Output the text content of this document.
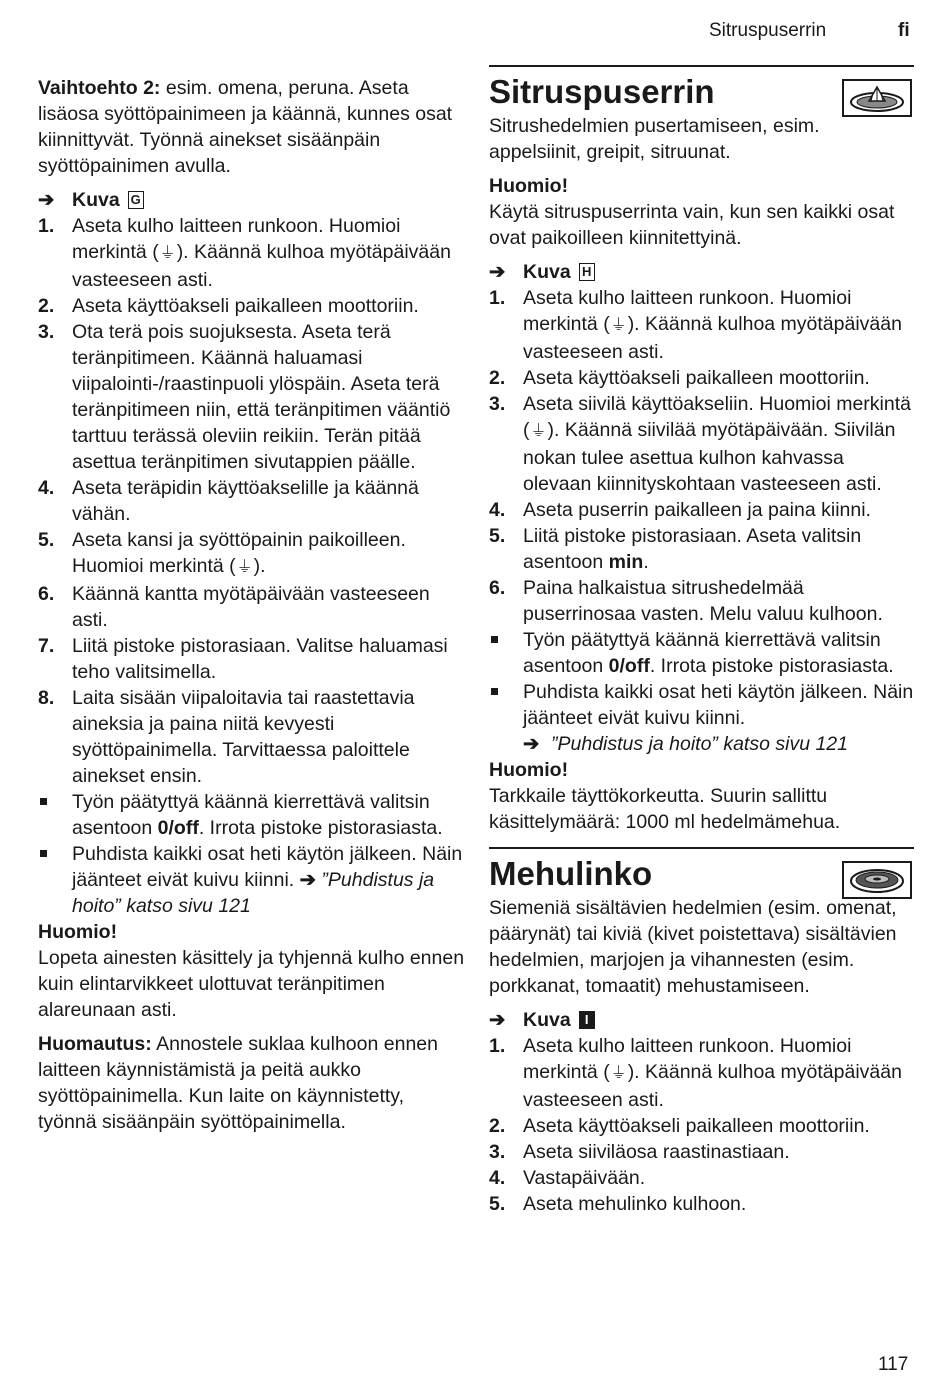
Sitruspuserrin	fi

Vaihtoehto 2: esim. omena, peruna. Aseta lisäosa syöttöpainimeen ja käännä, kunnes osat kiinnittyvät. Työnnä ainekset sisäänpäin syöttöpainimen avulla.

➔ Kuva G
1. Aseta kulho laitteen runkoon. Huomioi merkintä (⏚). Käännä kulhoa myötäpäivään vasteeseen asti.
2. Aseta käyttöakseli paikalleen moottoriin.
3. Ota terä pois suojuksesta. Aseta terä teränpitimeen. Käännä haluamasi viipalointi-/raastinpuoli ylöspäin. Aseta terä teränpitimeen niin, että teränpitimen vääntiö tarttuu terässä oleviin reikiin. Terän pitää asettua teränpitimen sivutappien päälle.
4. Aseta teräpidin käyttöakselille ja käännä vähän.
5. Aseta kansi ja syöttöpainin paikoilleen. Huomioi merkintä (⏚).
6. Käännä kantta myötäpäivään vasteeseen asti.
7. Liitä pistoke pistorasiaan. Valitse haluamasi teho valitsimella.
8. Laita sisään viipaloitavia tai raastettavia aineksia ja paina niitä kevyesti syöttöpainimella. Tarvittaessa paloittele ainekset ensin.
Työn päätyttyä käännä kierrettävä valitsin asentoon 0/off. Irrota pistoke pistorasiasta.
Puhdista kaikki osat heti käytön jälkeen. Näin jäänteet eivät kuivu kiinni. ➔ ”Puhdistus ja hoito” katso sivu 121

Huomio!

Lopeta ainesten käsittely ja tyhjennä kulho ennen kuin elintarvikkeet ulottuvat teränpitimen alareunaan asti.

Huomautus: Annostele suklaa kulhoon ennen laitteen käynnistämistä ja peitä aukko syöttöpainimella. Kun laite on käynnistetty, työnnä sisäänpäin syöttöpainimella.

Sitruspuserrin

Sitrushedelmien pusertamiseen, esim. appelsiinit, greipit, sitruunat.

Huomio!

Käytä sitruspuserrinta vain, kun sen kaikki osat ovat paikoilleen kiinnitettyinä.

➔ Kuva H
1. Aseta kulho laitteen runkoon. Huomioi merkintä (⏚). Käännä kulhoa myötäpäivään vasteeseen asti.
2. Aseta käyttöakseli paikalleen moottoriin.
3. Aseta siivilä käyttöakseliin. Huomioi merkintä (⏚). Käännä siivilää myötäpäivään. Siivilän nokan tulee asettua kulhon kahvassa olevaan kiinnityskohtaan vasteeseen asti.
4. Aseta puserrin paikalleen ja paina kiinni.
5. Liitä pistoke pistorasiaan. Aseta valitsin asentoon min.
6. Paina halkaistua sitrushedelmää puserrinosaa vasten. Melu valuu kulhoon.
Työn päätyttyä käännä kierrettävä valitsin asentoon 0/off. Irrota pistoke pistorasiasta.
Puhdista kaikki osat heti käytön jälkeen. Näin jäänteet eivät kuivu kiinni.
➔ ”Puhdistus ja hoito” katso sivu 121

Huomio!

Tarkkaile täyttökorkeutta. Suurin sallittu käsittelymäärä: 1000 ml hedelmämehua.

Mehulinko

Siemeniä sisältävien hedelmien (esim. omenat, päärynät) tai kiviä (kivet poistettava) sisältävien hedelmien, marjojen ja vihannesten (esim. porkkanat, tomaatit) mehustamiseen.

➔ Kuva	I
1. Aseta kulho laitteen runkoon. Huomioi merkintä (⏚). Käännä kulhoa myötäpäivään vasteeseen asti.
2. Aseta käyttöakseli paikalleen moottoriin.
3. Aseta siiviläosa raastinastiaan.
4. Vastapäivään.
5. Aseta mehulinko kulhoon.
117
